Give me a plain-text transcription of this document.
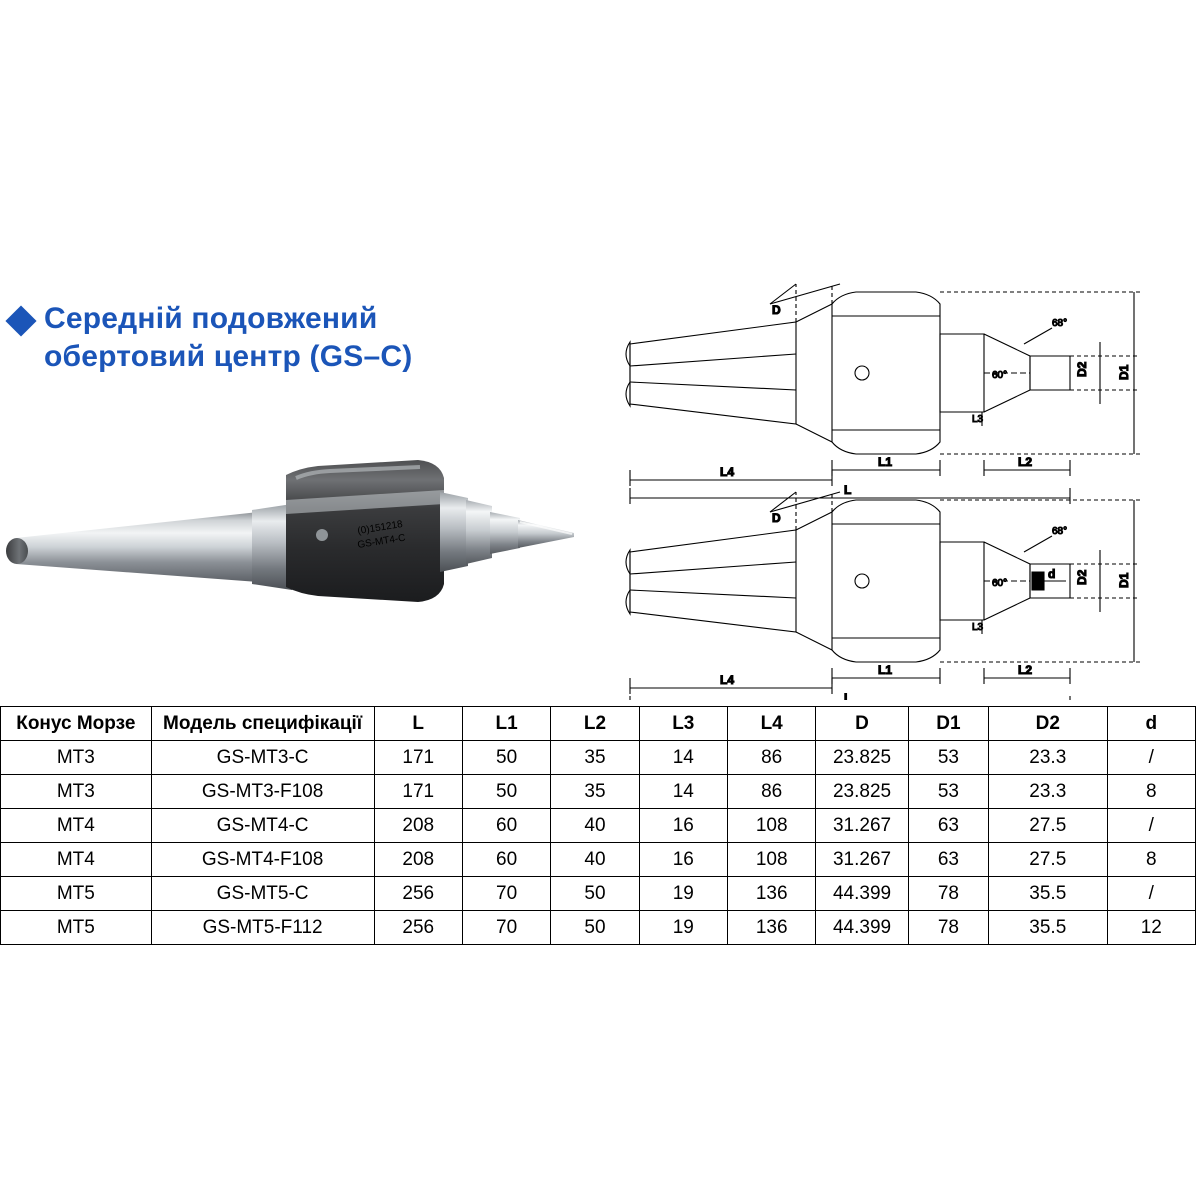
Середній подовжений
обертовий центр (GS–C)
GS-MT4-C
(0)151218
68°
60°
D
L3
D2 D1
L1	L2
L4
L
d
68°
60°
D
L3
D2 D1
L1	L2
L4
L
Конус Морзе	Модель специфікації	L	L1	L2	L3	L4	D	D1	D2	d
MT3	GS-MT3-C	171	50	35	14	86	23.825	53	23.3	/
MT3	GS-MT3-F108	171	50	35	14	86	23.825	53	23.3	8
MT4	GS-MT4-C	208	60	40	16	108	31.267	63	27.5	/
MT4	GS-MT4-F108	208	60	40	16	108	31.267	63	27.5	8
MT5	GS-MT5-C	256	70	50	19	136	44.399	78	35.5	/
MT5	GS-MT5-F112	256	70	50	19	136	44.399	78	35.5	12
